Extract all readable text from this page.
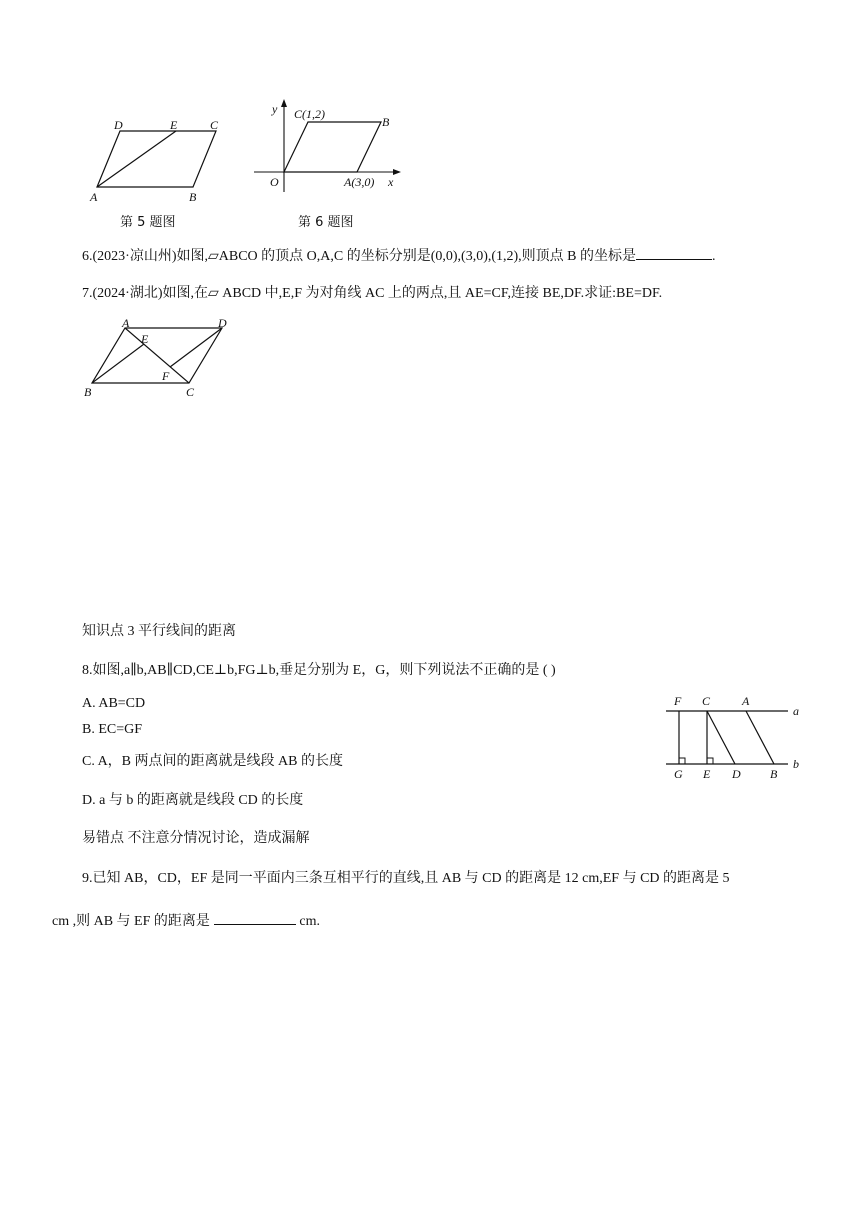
D	E	C
A	B
第 5 题图
y C(1,2)
B
O	A(3,0) x
第 6 题图
6.(2023·凉山州)如图,▱ABCO 的顶点 O,A,C 的坐标分别是(0,0),(3,0),(1,2),则顶点 B 的坐标是	.
7.(2024·湖北)如图,在▱ ABCD 中,E,F 为对角线 AC 上的两点,且 AE=CF,连接 BE,DF.求证:BE=DF.
A	D
E
F
B	C
知识点 3 平行线间的距离
8.如图,a∥b,AB∥CD,CE⊥b,FG⊥b,垂足分别为 E，G，则下列说法不正确的是 ( )
A. AB=CD
B. EC=GF
C. A，B 两点间的距离就是线段 AB 的长度
D. a 与 b 的距离就是线段 CD 的长度
F C	A
a
G E D B
b
易错点 不注意分情况讨论，造成漏解
9.已知 AB，CD，EF 是同一平面内三条互相平行的直线,且 AB 与 CD 的距离是 12 cm,EF 与 CD 的距离是 5
cm ,则 AB 与 EF 的距离是	cm.
